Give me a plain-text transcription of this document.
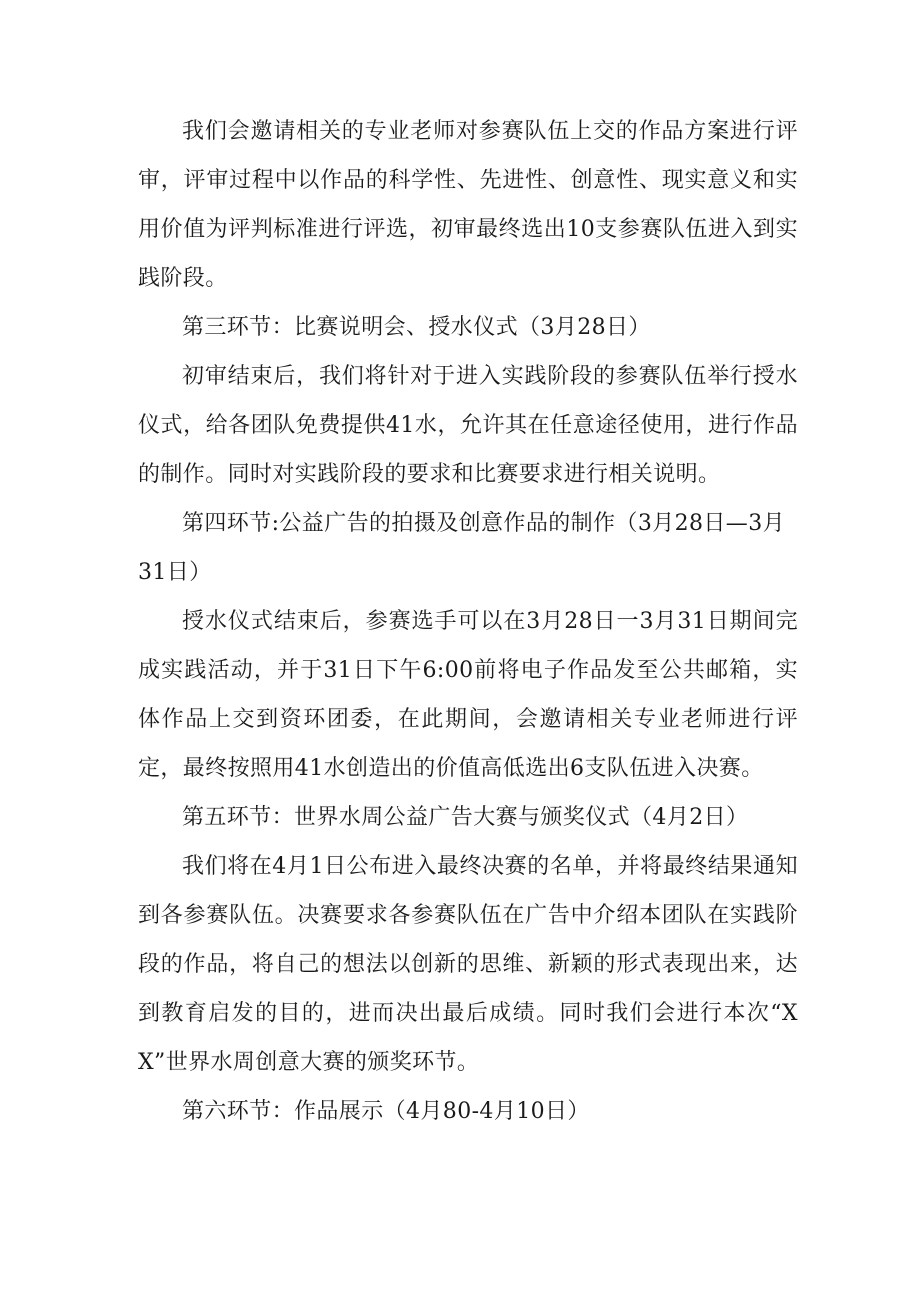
我们会邀请相关的专业老师对参赛队伍上交的作品方案进行评审，评审过程中以作品的科学性、先进性、创意性、现实意义和实用价值为评判标准进行评选，初审最终选出10支参赛队伍进入到实践阶段。

第三环节：比赛说明会、授水仪式（3月28日）

初审结束后，我们将针对于进入实践阶段的参赛队伍举行授水仪式，给各团队免费提供41水，允许其在任意途径使用，进行作品的制作。同时对实践阶段的要求和比赛要求进行相关说明。

第四环节:公益广告的拍摄及创意作品的制作（3月28日—3月31日）

授水仪式结束后，参赛选手可以在3月28日一3月31日期间完成实践活动，并于31日下午6:00前将电子作品发至公共邮箱，实体作品上交到资环团委，在此期间，会邀请相关专业老师进行评定，最终按照用41水创造出的价值高低选出6支队伍进入决赛。

第五环节：世界水周公益广告大赛与颁奖仪式（4月2日）

我们将在4月1日公布进入最终决赛的名单，并将最终结果通知到各参赛队伍。决赛要求各参赛队伍在广告中介绍本团队在实践阶段的作品，将自己的想法以创新的思维、新颖的形式表现出来，达到教育启发的目的，进而决出最后成绩。同时我们会进行本次“XX”世界水周创意大赛的颁奖环节。

第六环节：作品展示（4月80-4月10日）
